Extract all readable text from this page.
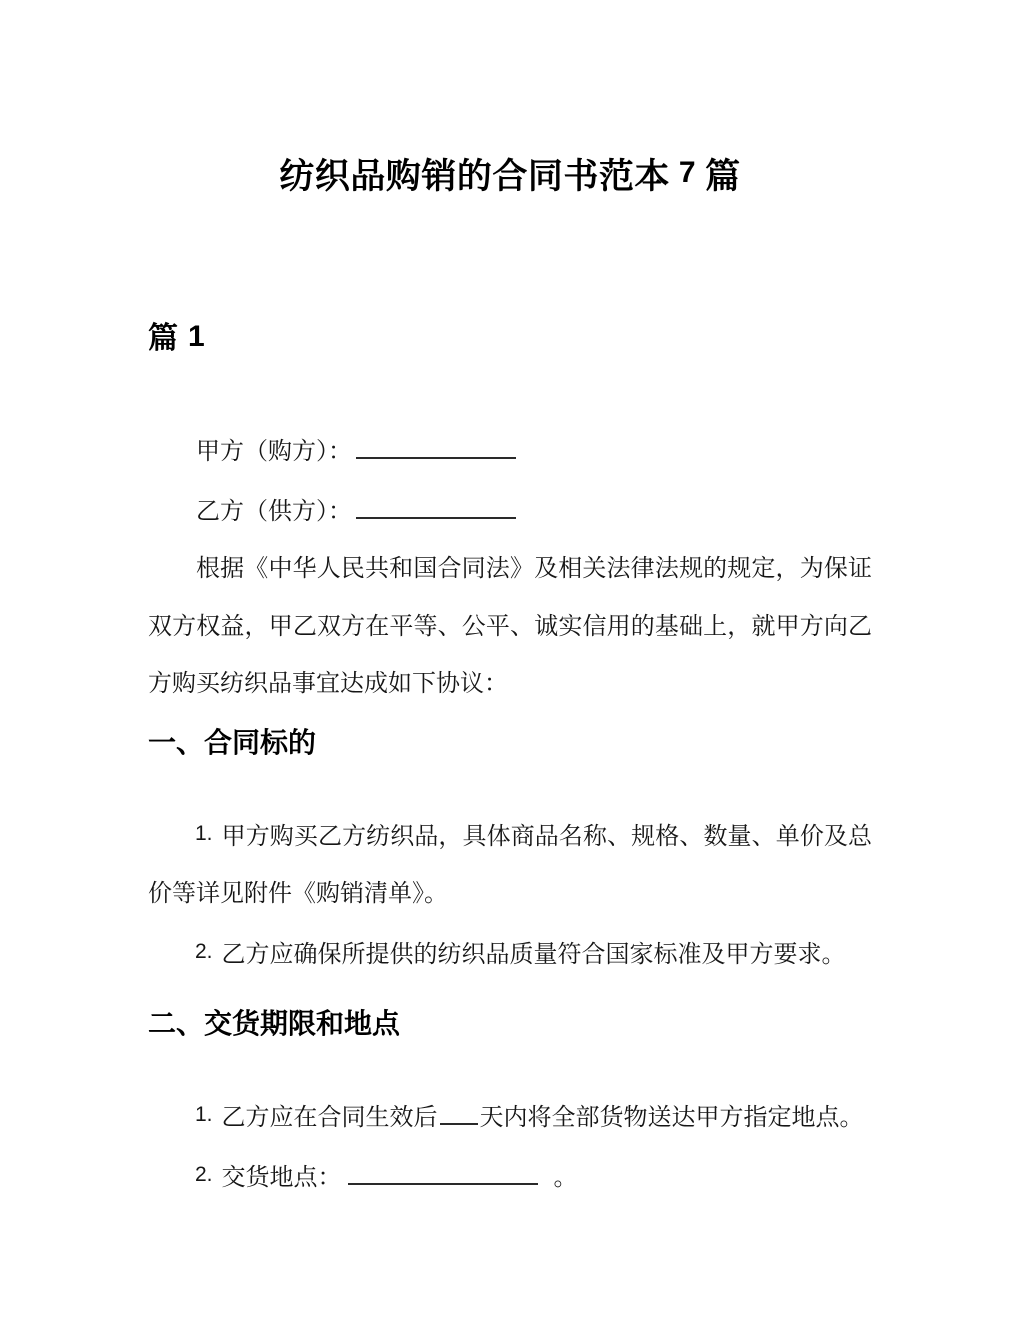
纺织品购销的合同书范本 7 篇
篇 1

甲方（购方）：

乙方（供方）：

根据《中华人民共和国合同法》及相关法律法规的规定，为保证双方权益，甲乙双方在平等、公平、诚实信用的基础上，就甲方向乙方购买纺织品事宜达成如下协议：

一、合同标的

1. 甲方购买乙方纺织品，具体商品名称、规格、数量、单价及总价等详见附件《购销清单》。

2. 乙方应确保所提供的纺织品质量符合国家标准及甲方要求。

二、交货期限和地点

1. 乙方应在合同生效后 天内将全部货物送达甲方指定地点。

2. 交货地点：	。
